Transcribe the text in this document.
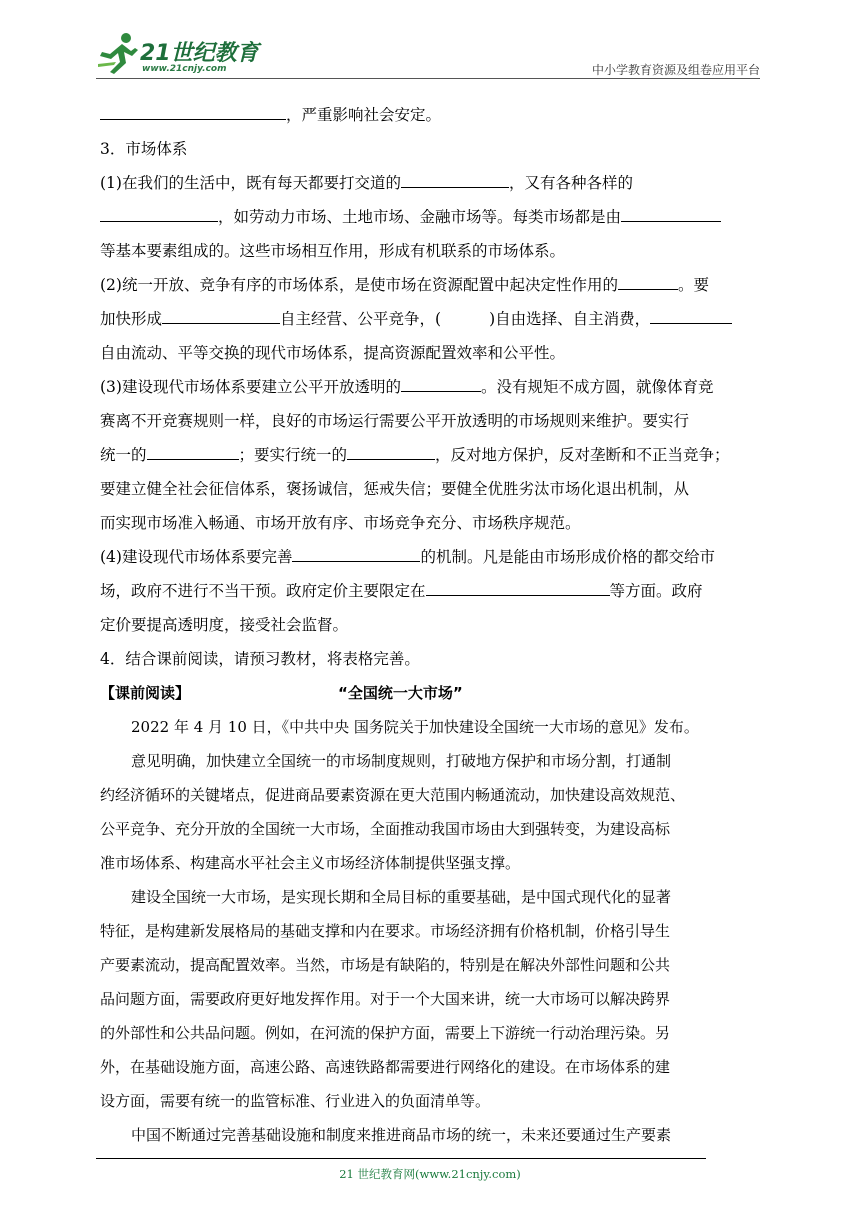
21世纪教育
www.21cnjy.com	中小学教育资源及组卷应用平台

，严重影响社会安定。

3．市场体系

(1)在我们的生活中，既有每天都要打交道的	，又有各种各样的

，如劳动力市场、土地市场、金融市场等。每类市场都是由

等基本要素组成的。这些市场相互作用，形成有机联系的市场体系。

(2)统一开放、竞争有序的市场体系，是使市场在资源配置中起决定性作用的	。要

加快形成	自主经营、公平竞争，(	)自由选择、自主消费，

自由流动、平等交换的现代市场体系，提高资源配置效率和公平性。

(3)建设现代市场体系要建立公平开放透明的	。没有规矩不成方圆，就像体育竞

赛离不开竞赛规则一样，良好的市场运行需要公平开放透明的市场规则来维护。要实行

统一的	；要实行统一的	，反对地方保护，反对垄断和不正当竞争；

要建立健全社会征信体系，褒扬诚信，惩戒失信；要健全优胜劣汰市场化退出机制，从

而实现市场准入畅通、市场开放有序、市场竞争充分、市场秩序规范。

(4)建设现代市场体系要完善	的机制。凡是能由市场形成价格的都交给市

场，政府不进行不当干预。政府定价主要限定在	等方面。政府

定价要提高透明度，接受社会监督。

4．结合课前阅读，请预习教材，将表格完善。

【课前阅读】	“全国统一大市场”

2022 年 4 月 10 日，《中共中央 国务院关于加快建设全国统一大市场的意见》发布。

意见明确，加快建立全国统一的市场制度规则，打破地方保护和市场分割，打通制

约经济循环的关键堵点，促进商品要素资源在更大范围内畅通流动，加快建设高效规范、

公平竞争、充分开放的全国统一大市场，全面推动我国市场由大到强转变，为建设高标

准市场体系、构建高水平社会主义市场经济体制提供坚强支撑。

建设全国统一大市场，是实现长期和全局目标的重要基础，是中国式现代化的显著

特征，是构建新发展格局的基础支撑和内在要求。市场经济拥有价格机制，价格引导生

产要素流动，提高配置效率。当然，市场是有缺陷的，特别是在解决外部性问题和公共

品问题方面，需要政府更好地发挥作用。对于一个大国来讲，统一大市场可以解决跨界

的外部性和公共品问题。例如，在河流的保护方面，需要上下游统一行动治理污染。另

外，在基础设施方面，高速公路、高速铁路都需要进行网络化的建设。在市场体系的建

设方面，需要有统一的监管标准、行业进入的负面清单等。

中国不断通过完善基础设施和制度来推进商品市场的统一，未来还要通过生产要素

21 世纪教育网(www.21cnjy.com)
